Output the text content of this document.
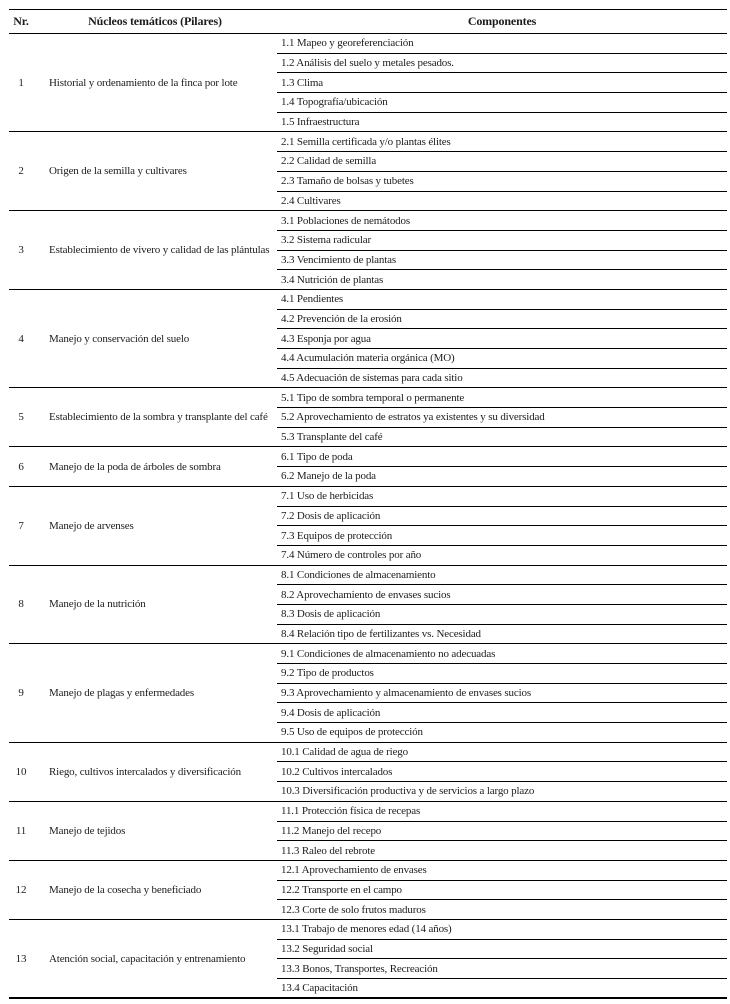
Nr.	Núcleos temáticos (Pilares)	Componentes
1	Historial y ordenamiento de la finca por lote	1.1 Mapeo y georeferenciación
		1.2 Análisis del suelo y metales pesados.
		1.3 Clima
		1.4 Topografía/ubicación
		1.5 Infraestructura
2	Origen de la semilla y cultivares	2.1 Semilla certificada y/o plantas élites
		2.2 Calidad de semilla
		2.3 Tamaño de bolsas y tubetes
		2.4 Cultivares
3	Establecimiento de vivero y calidad de las plántulas	3.1 Poblaciones de nemátodos
		3.2 Sistema radicular
		3.3 Vencimiento de plantas
		3.4 Nutrición de plantas
4	Manejo y conservación del suelo	4.1 Pendientes
		4.2 Prevención de la erosión
		4.3 Esponja por agua
		4.4 Acumulación materia orgánica (MO)
		4.5 Adecuación de sistemas para cada sitio
5	Establecimiento de la sombra y transplante del café	5.1 Tipo de sombra temporal o permanente
		5.2 Aprovechamiento de estratos ya existentes y su diversidad
		5.3 Transplante del café
6	Manejo de la poda de árboles de sombra	6.1 Tipo de poda
		6.2 Manejo de la poda
7	Manejo de arvenses	7.1 Uso de herbicidas
		7.2 Dosis de aplicación
		7.3 Equipos de protección
		7.4 Número de controles por año
8	Manejo de la nutrición	8.1 Condiciones de almacenamiento
		8.2 Aprovechamiento de envases sucios
		8.3 Dosis de aplicación
		8.4 Relación tipo de fertilizantes vs. Necesidad
9	Manejo de plagas y enfermedades	9.1 Condiciones de almacenamiento no adecuadas
		9.2 Tipo de productos
		9.3 Aprovechamiento y almacenamiento de envases sucios
		9.4 Dosis de aplicación
		9.5 Uso de equipos de protección
10	Riego, cultivos intercalados y diversificación	10.1 Calidad de agua de riego
		10.2 Cultivos intercalados
		10.3 Diversificación productiva y de servicios a largo plazo
11	Manejo de tejidos	11.1 Protección física de recepas
		11.2 Manejo del recepo
		11.3 Raleo del rebrote
12	Manejo de la cosecha y beneficiado	12.1 Aprovechamiento de envases
		12.2 Transporte en el campo
		12.3 Corte de solo frutos maduros
13	Atención social, capacitación y entrenamiento	13.1 Trabajo de menores edad (14 años)
		13.2 Seguridad social
		13.3 Bonos, Transportes, Recreación
		13.4 Capacitación
